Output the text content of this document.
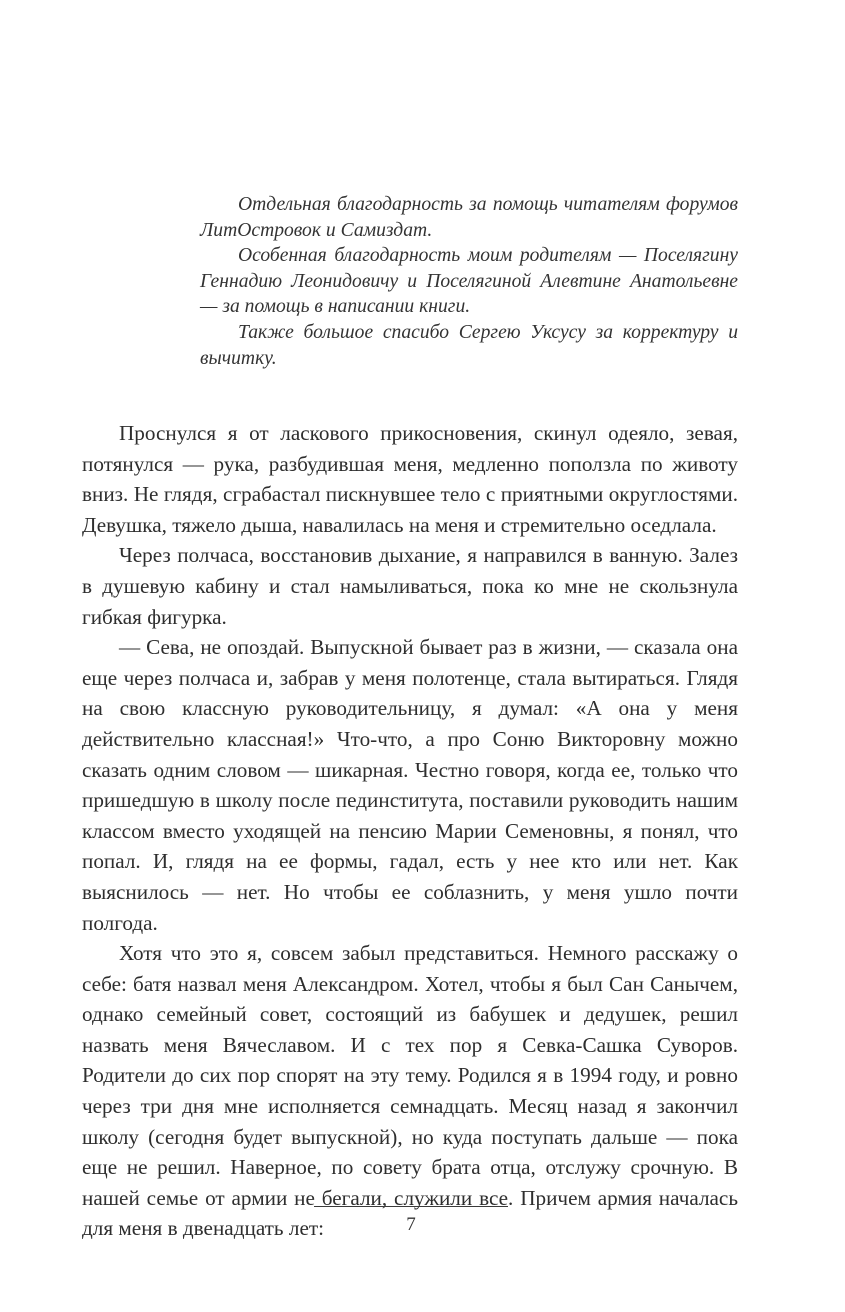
Отдельная благодарность за помощь читателям форумов ЛитОстровок и Самиздат.

Особенная благодарность моим родителям — Поселягину Геннадию Леонидовичу и Поселягиной Алевтине Анатольевне — за помощь в написании книги.

Также большое спасибо Сергею Уксусу за корректуру и вычитку.

Проснулся я от ласкового прикосновения, скинул одеяло, зевая, потянулся — рука, разбудившая меня, медленно поползла по животу вниз. Не глядя, сграбастал пискнувшее тело с приятными округлостями. Девушка, тяжело дыша, навалилась на меня и стремительно оседлала.

Через полчаса, восстановив дыхание, я направился в ванную. Залез в душевую кабину и стал намыливаться, пока ко мне не скользнула гибкая фигурка.

— Сева, не опоздай. Выпускной бывает раз в жизни, — сказала она еще через полчаса и, забрав у меня полотенце, стала вытираться. Глядя на свою классную руководительницу, я думал: «А она у меня действительно классная!» Что-что, а про Соню Викторовну можно сказать одним словом — шикарная. Честно говоря, когда ее, только что пришедшую в школу после пединститута, поставили руководить нашим классом вместо уходящей на пенсию Марии Семеновны, я понял, что попал. И, глядя на ее формы, гадал, есть у нее кто или нет. Как выяснилось — нет. Но чтобы ее соблазнить, у меня ушло почти полгода.

Хотя что это я, совсем забыл представиться. Немного расскажу о себе: батя назвал меня Александром. Хотел, чтобы я был Сан Санычем, однако семейный совет, состоящий из бабушек и дедушек, решил назвать меня Вячеславом. И с тех пор я Севка-Сашка Суворов. Родители до сих пор спорят на эту тему. Родился я в 1994 году, и ровно через три дня мне исполняется семнадцать. Месяц назад я закончил школу (сегодня будет выпускной), но куда поступать дальше — пока еще не решил. Наверное, по совету брата отца, отслужу срочную. В нашей семье от армии не бегали, служили все. Причем армия началась для меня в двенадцать лет:	7
